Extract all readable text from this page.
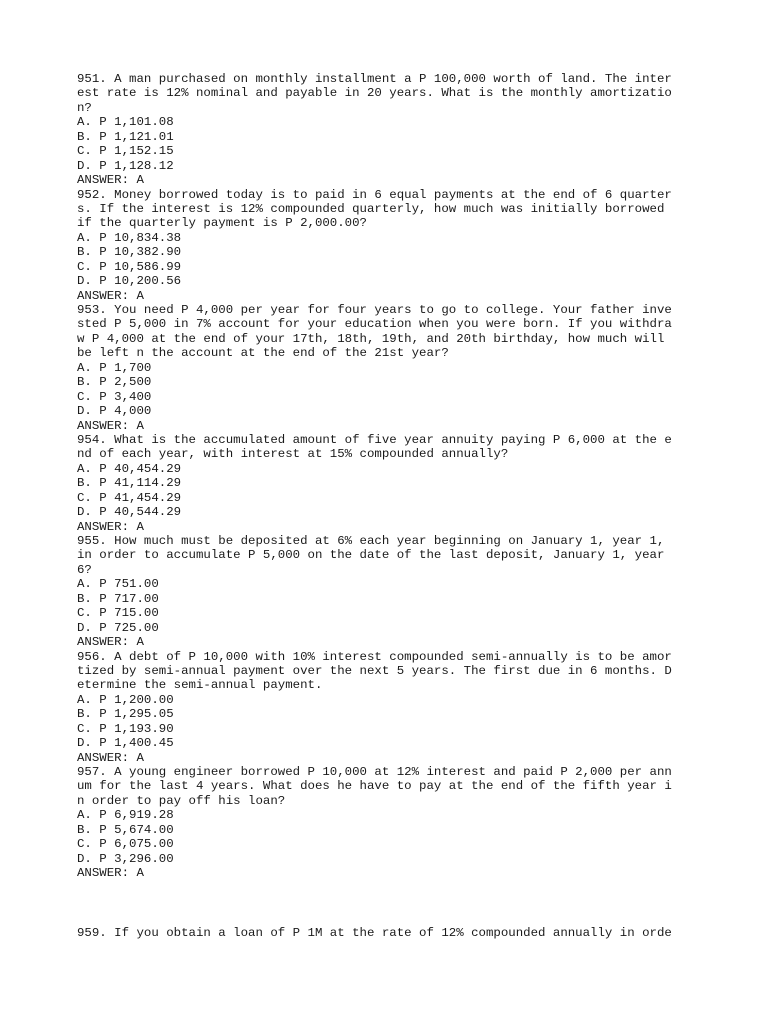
951. A man purchased on monthly installment a P 100,000 worth of land. The inter
est rate is 12% nominal and payable in 20 years. What is the monthly amortizatio
n?
A. P 1,101.08
B. P 1,121.01
C. P 1,152.15
D. P 1,128.12
ANSWER: A
952. Money borrowed today is to paid in 6 equal payments at the end of 6 quarter
s. If the interest is 12% compounded quarterly, how much was initially borrowed
if the quarterly payment is P 2,000.00?
A. P 10,834.38
B. P 10,382.90
C. P 10,586.99
D. P 10,200.56
ANSWER: A
953. You need P 4,000 per year for four years to go to college. Your father inve
sted P 5,000 in 7% account for your education when you were born. If you withdra
w P 4,000 at the end of your 17th, 18th, 19th, and 20th birthday, how much will
be left n the account at the end of the 21st year?
A. P 1,700
B. P 2,500
C. P 3,400
D. P 4,000
ANSWER: A
954. What is the accumulated amount of five year annuity paying P 6,000 at the e
nd of each year, with interest at 15% compounded annually?
A. P 40,454.29
B. P 41,114.29
C. P 41,454.29
D. P 40,544.29
ANSWER: A
955. How much must be deposited at 6% each year beginning on January 1, year 1,
in order to accumulate P 5,000 on the date of the last deposit, January 1, year
6?
A. P 751.00
B. P 717.00
C. P 715.00
D. P 725.00
ANSWER: A
956. A debt of P 10,000 with 10% interest compounded semi-annually is to be amor
tized by semi-annual payment over the next 5 years. The first due in 6 months. D
etermine the semi-annual payment.
A. P 1,200.00
B. P 1,295.05
C. P 1,193.90
D. P 1,400.45
ANSWER: A
957. A young engineer borrowed P 10,000 at 12% interest and paid P 2,000 per ann
um for the last 4 years. What does he have to pay at the end of the fifth year i
n order to pay off his loan?
A. P 6,919.28
B. P 5,674.00
C. P 6,075.00
D. P 3,296.00
ANSWER: A
959. If you obtain a loan of P 1M at the rate of 12% compounded annually in orde
